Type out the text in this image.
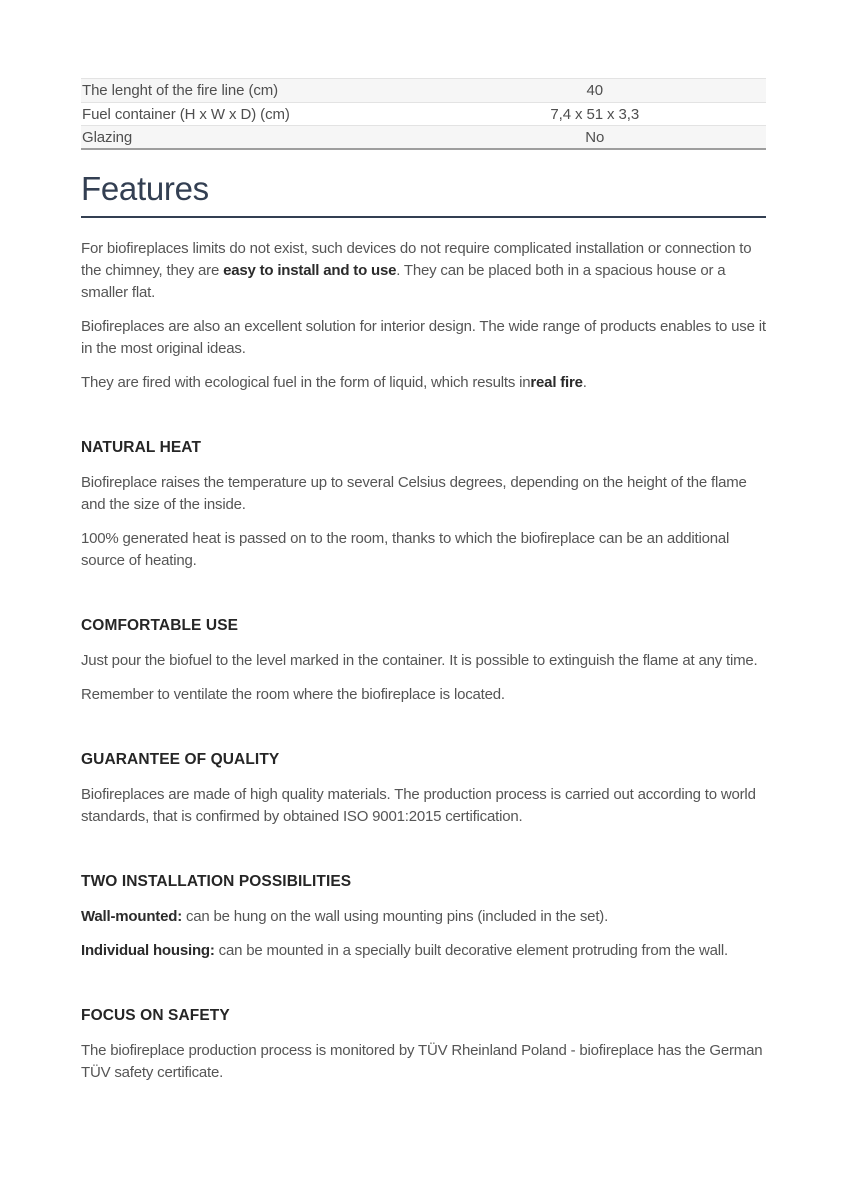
The lenght of the fire line (cm)	40
Fuel container (H x W x D) (cm)	7,4 x 51 x 3,3
Glazing	No
Features

For biofireplaces limits do not exist, such devices do not require complicated installation or connection to the chimney, they are easy to install and to use. They can be placed both in a spacious house or a smaller flat.

Biofireplaces are also an excellent solution for interior design. The wide range of products enables to use it in the most original ideas.

They are fired with ecological fuel in the form of liquid, which results inreal fire.

NATURAL HEAT

Biofireplace raises the temperature up to several Celsius degrees, depending on the height of the flame and the size of the inside.

100% generated heat is passed on to the room, thanks to which the biofireplace can be an additional source of heating.

COMFORTABLE USE

Just pour the biofuel to the level marked in the container. It is possible to extinguish the flame at any time.

Remember to ventilate the room where the biofireplace is located.

GUARANTEE OF QUALITY

Biofireplaces are made of high quality materials. The production process is carried out according to world standards, that is confirmed by obtained ISO 9001:2015 certification.

TWO INSTALLATION POSSIBILITIES

Wall-mounted: can be hung on the wall using mounting pins (included in the set).

Individual housing: can be mounted in a specially built decorative element protruding from the wall.

FOCUS ON SAFETY

The biofireplace production process is monitored by TÜV Rheinland Poland - biofireplace has the German TÜV safety certificate.
